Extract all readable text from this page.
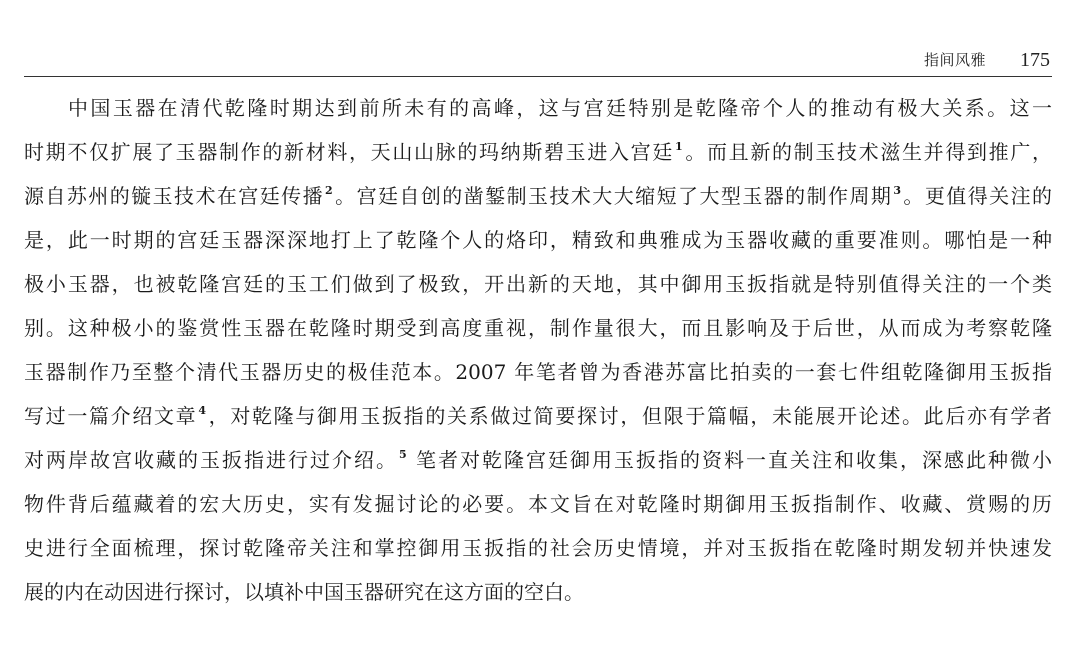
指间风雅 175
中国玉器在清代乾隆时期达到前所未有的高峰，这与宫廷特别是乾隆帝个人的推动有极大关系。这一
时期不仅扩展了玉器制作的新材料，天山山脉的玛纳斯碧玉进入宫廷$^1$。而且新的制玉技术滋生并得到推广，
源自苏州的镟玉技术在宫廷传播$^2$。宫廷自创的凿錾制玉技术大大缩短了大型玉器的制作周期$^3$。更值得关注的
是，此一时期的宫廷玉器深深地打上了乾隆个人的烙印，精致和典雅成为玉器收藏的重要准则。哪怕是一种
极小玉器，也被乾隆宫廷的玉工们做到了极致，开出新的天地，其中御用玉扳指就是特别值得关注的一个类
别。这种极小的鉴赏性玉器在乾隆时期受到高度重视，制作量很大，而且影响及于后世，从而成为考察乾隆
玉器制作乃至整个清代玉器历史的极佳范本。2007 年笔者曾为香港苏富比拍卖的一套七件组乾隆御用玉扳指
写过一篇介绍文章$^4$，对乾隆与御用玉扳指的关系做过简要探讨，但限于篇幅，未能展开论述。此后亦有学者
对两岸故宫收藏的玉扳指进行过介绍。$^5$ 笔者对乾隆宫廷御用玉扳指的资料一直关注和收集，深感此种微小
物件背后蕴藏着的宏大历史，实有发掘讨论的必要。本文旨在对乾隆时期御用玉扳指制作、收藏、赏赐的历
史进行全面梳理，探讨乾隆帝关注和掌控御用玉扳指的社会历史情境，并对玉扳指在乾隆时期发轫并快速发
展的内在动因进行探讨，以填补中国玉器研究在这方面的空白。
